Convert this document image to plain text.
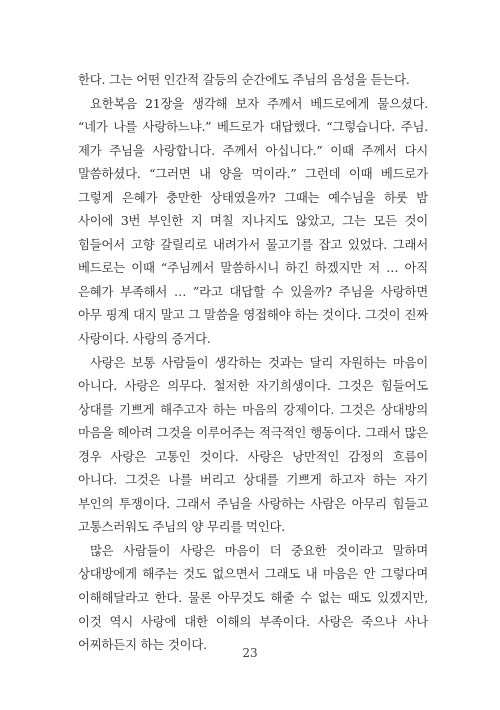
한다. 그는 어떤 인간적 갈등의 순간에도 주님의 음성을 듣는다.

요한복음 21장을 생각해 보자 주께서 베드로에게 물으셨다. “네가 나를 사랑하느냐.” 베드로가 대답했다. “그렇습니다. 주님. 제가 주님을 사랑합니다. 주께서 아십니다.” 이때 주께서 다시 말씀하셨다. “그러면 내 양을 먹이라.” 그런데 이때 베드로가 그렇게 은혜가 충만한 상태였을까? 그때는 예수님을 하룻 밤 사이에 3번 부인한 지 며칠 지나지도 않았고, 그는 모든 것이 힘들어서 고향 갈릴리로 내려가서 물고기를 잡고 있었다. 그래서 베드로는 이때 “주님께서 말씀하시니 하긴 하겠지만 저 … 아직 은혜가 부족해서 … ”라고 대답할 수 있을까? 주님을 사랑하면 아무 핑계 대지 말고 그 말씀을 영접해야 하는 것이다. 그것이 진짜 사랑이다. 사랑의 증거다.

사랑은 보통 사람들이 생각하는 것과는 달리 자원하는 마음이 아니다. 사랑은 의무다. 철저한 자기희생이다. 그것은 힘들어도 상대를 기쁘게 해주고자 하는 마음의 강제이다. 그것은 상대방의 마음을 헤아려 그것을 이루어주는 적극적인 행동이다. 그래서 많은 경우 사랑은 고통인 것이다. 사랑은 낭만적인 감정의 흐름이 아니다. 그것은 나를 버리고 상대를 기쁘게 하고자 하는 자기 부인의 투쟁이다. 그래서 주님을 사랑하는 사람은 아무리 힘들고 고통스러워도 주님의 양 무리를 먹인다.

많은 사람들이 사랑은 마음이 더 중요한 것이라고 말하며 상대방에게 해주는 것도 없으면서 그래도 내 마음은 안 그렇다며 이해해달라고 한다. 물론 아무것도 해줄 수 없는 때도 있겠지만, 이것 역시 사랑에 대한 이해의 부족이다. 사랑은 죽으나 사나 어찌하든지 하는 것이다.

23
